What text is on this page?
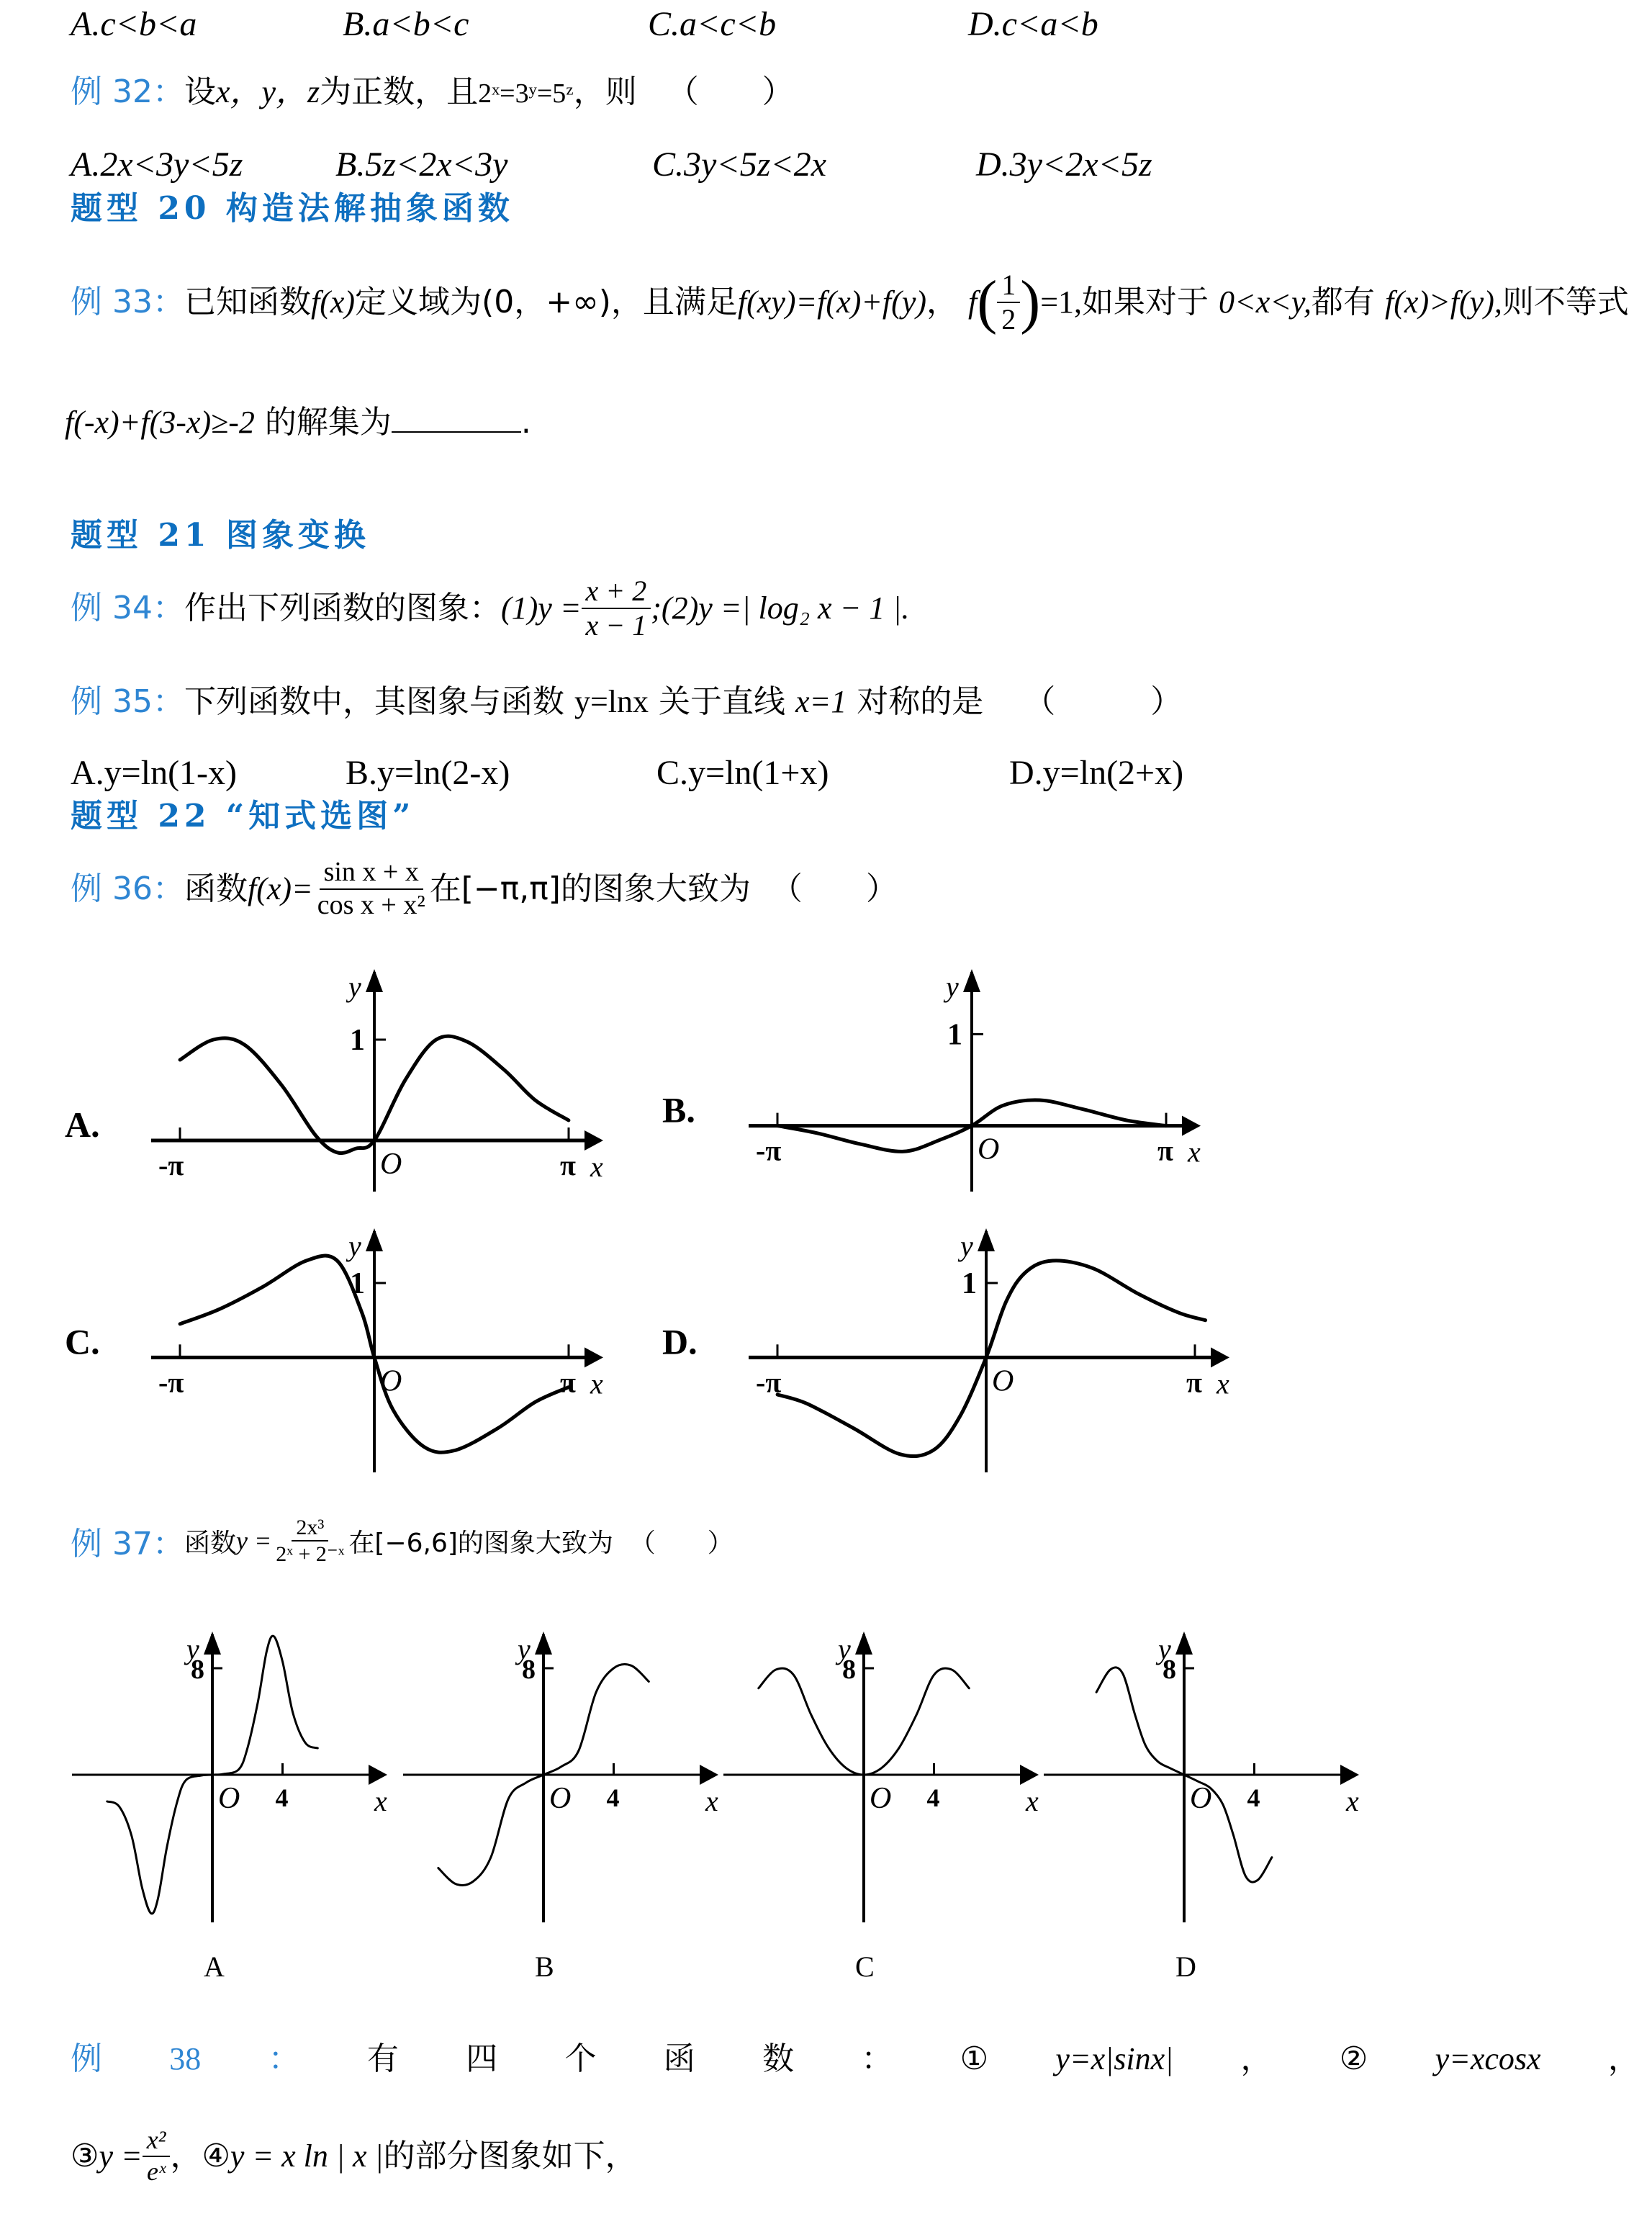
A.c<b<a	B.a<b<c	C.a<c<b	D.c<a<b
例 32：设x，y，z为正数，且2ˣ=3ʸ=5ᶻ，则 （　　）
A.2x<3y<5z	B.5z<2x<3y	C.3y<5z<2x	D.3y<2x<5z
题型 20 构造法解抽象函数
例 33： 已知函数 f(x) 定义域为(0，+∞)，且满足 f(xy)=f(x)+f(y) ，
f ( $\frac{1}{2}$ ) =1, 如果对于
0<x<y, 都有
f(x)>f(y), 则不等式
f(-x)+f(3-x)≥-2 的解集为	.
题型 21 图象变换
例 34： 作出下列函数的图象： $(1)y = \frac{x + 2}{x - 1}$ ;(2)y =| log₂ x − 1 |.
例 35：下列函数中，其图象与函数 y=lnx 关于直线 x=1 对称的是 （　　　）
A.y=ln(1-x)	B.y=ln(2-x)	C.y=ln(1+x)	D.y=ln(2+x)
题型 22 “知式选图”
例 36： 函数 $f(x)= \frac{\text{sin x + x}}{\text{cos x + x²}}$ 在[−π,π]的图象大致为
（　　）
A.
y
x
O
-π	π
1
B.
y
x
O
-π	π
1
C.
y
x
O
-π	π
1
D.
y
x
O
-π	π
1
例 37： 函数 $y = \frac{\text{2x³}}{\text{2ˣ + 2⁻ˣ}}$ 在[−6,6]的图象大致为
（　　）
A
y
x
O 4
8
B
y
x
O 4
8
C
y
x
O 4
8
D
y
x
O 4
8
例 38 ： 有 四 个 函 数 ： ① y=x|sinx| ， ② y=xcosx ，
③ $y = \frac{\text{x²}}{\text{eˣ}}$ ， ④ y = x ln | x | 的部分图象如下，
